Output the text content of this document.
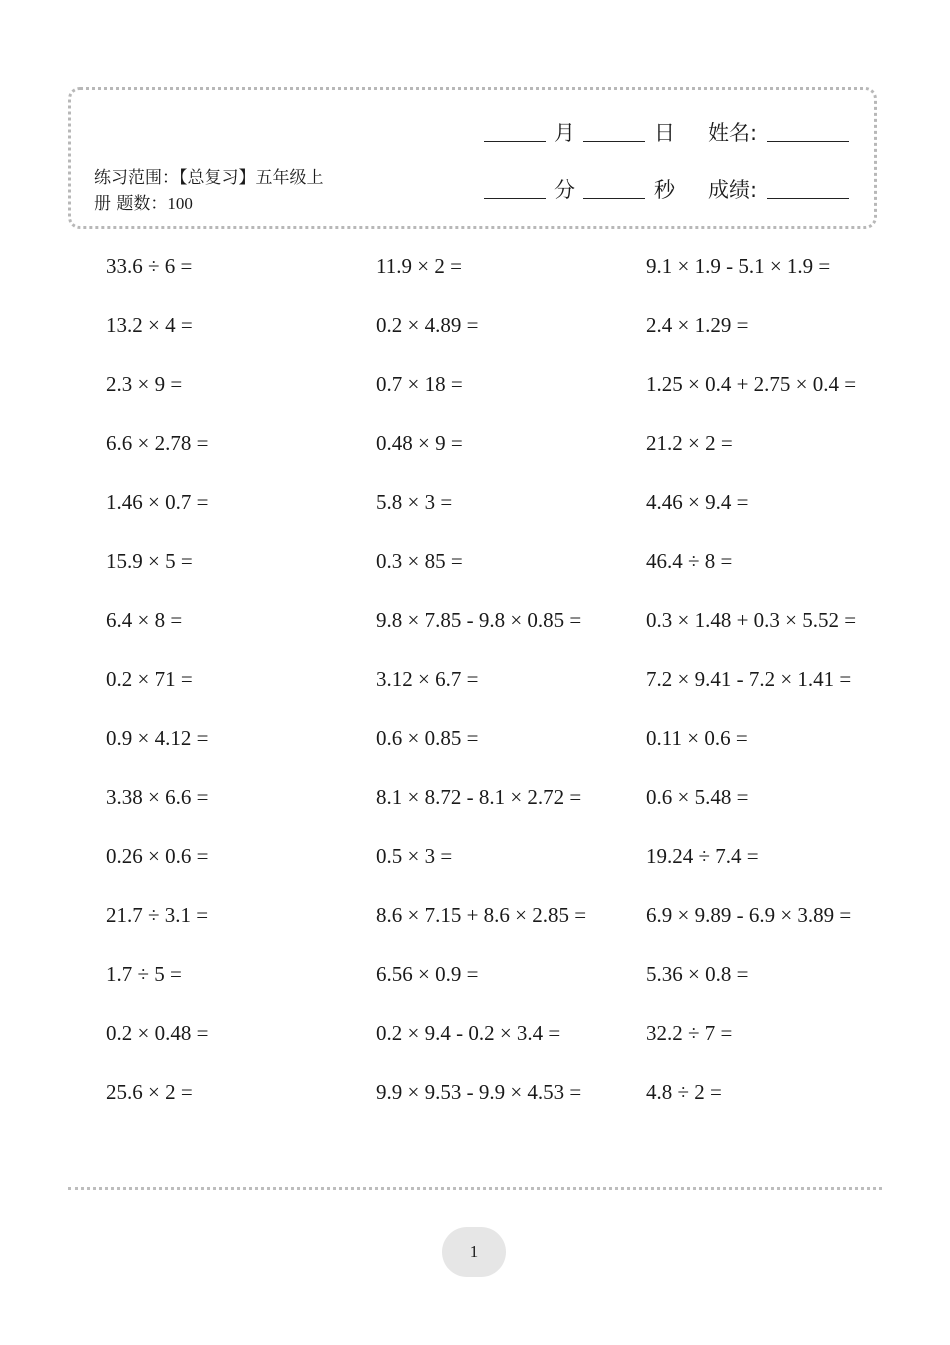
练习范围：【总复习】五年级上
册 题数：100
月	日 姓名:
分	秒 成绩:
33.6 ÷ 6 =	11.9 × 2 =	9.1 × 1.9 - 5.1 × 1.9 =
13.2 × 4 =	0.2 × 4.89 =	2.4 × 1.29 =
2.3 × 9 =	0.7 × 18 =	1.25 × 0.4 + 2.75 × 0.4 =
6.6 × 2.78 =	0.48 × 9 =	21.2 × 2 =
1.46 × 0.7 =	5.8 × 3 =	4.46 × 9.4 =
15.9 × 5 =	0.3 × 85 =	46.4 ÷ 8 =
6.4 × 8 =	9.8 × 7.85 - 9.8 × 0.85 =	0.3 × 1.48 + 0.3 × 5.52 =
0.2 × 71 =	3.12 × 6.7 =	7.2 × 9.41 - 7.2 × 1.41 =
0.9 × 4.12 =	0.6 × 0.85 =	0.11 × 0.6 =
3.38 × 6.6 =	8.1 × 8.72 - 8.1 × 2.72 =	0.6 × 5.48 =
0.26 × 0.6 =	0.5 × 3 =	19.24 ÷ 7.4 =
21.7 ÷ 3.1 =	8.6 × 7.15 + 8.6 × 2.85 =	6.9 × 9.89 - 6.9 × 3.89 =
1.7 ÷ 5 =	6.56 × 0.9 =	5.36 × 0.8 =
0.2 × 0.48 =	0.2 × 9.4 - 0.2 × 3.4 =	32.2 ÷ 7 =
25.6 × 2 =	9.9 × 9.53 - 9.9 × 4.53 =	4.8 ÷ 2 =
1
